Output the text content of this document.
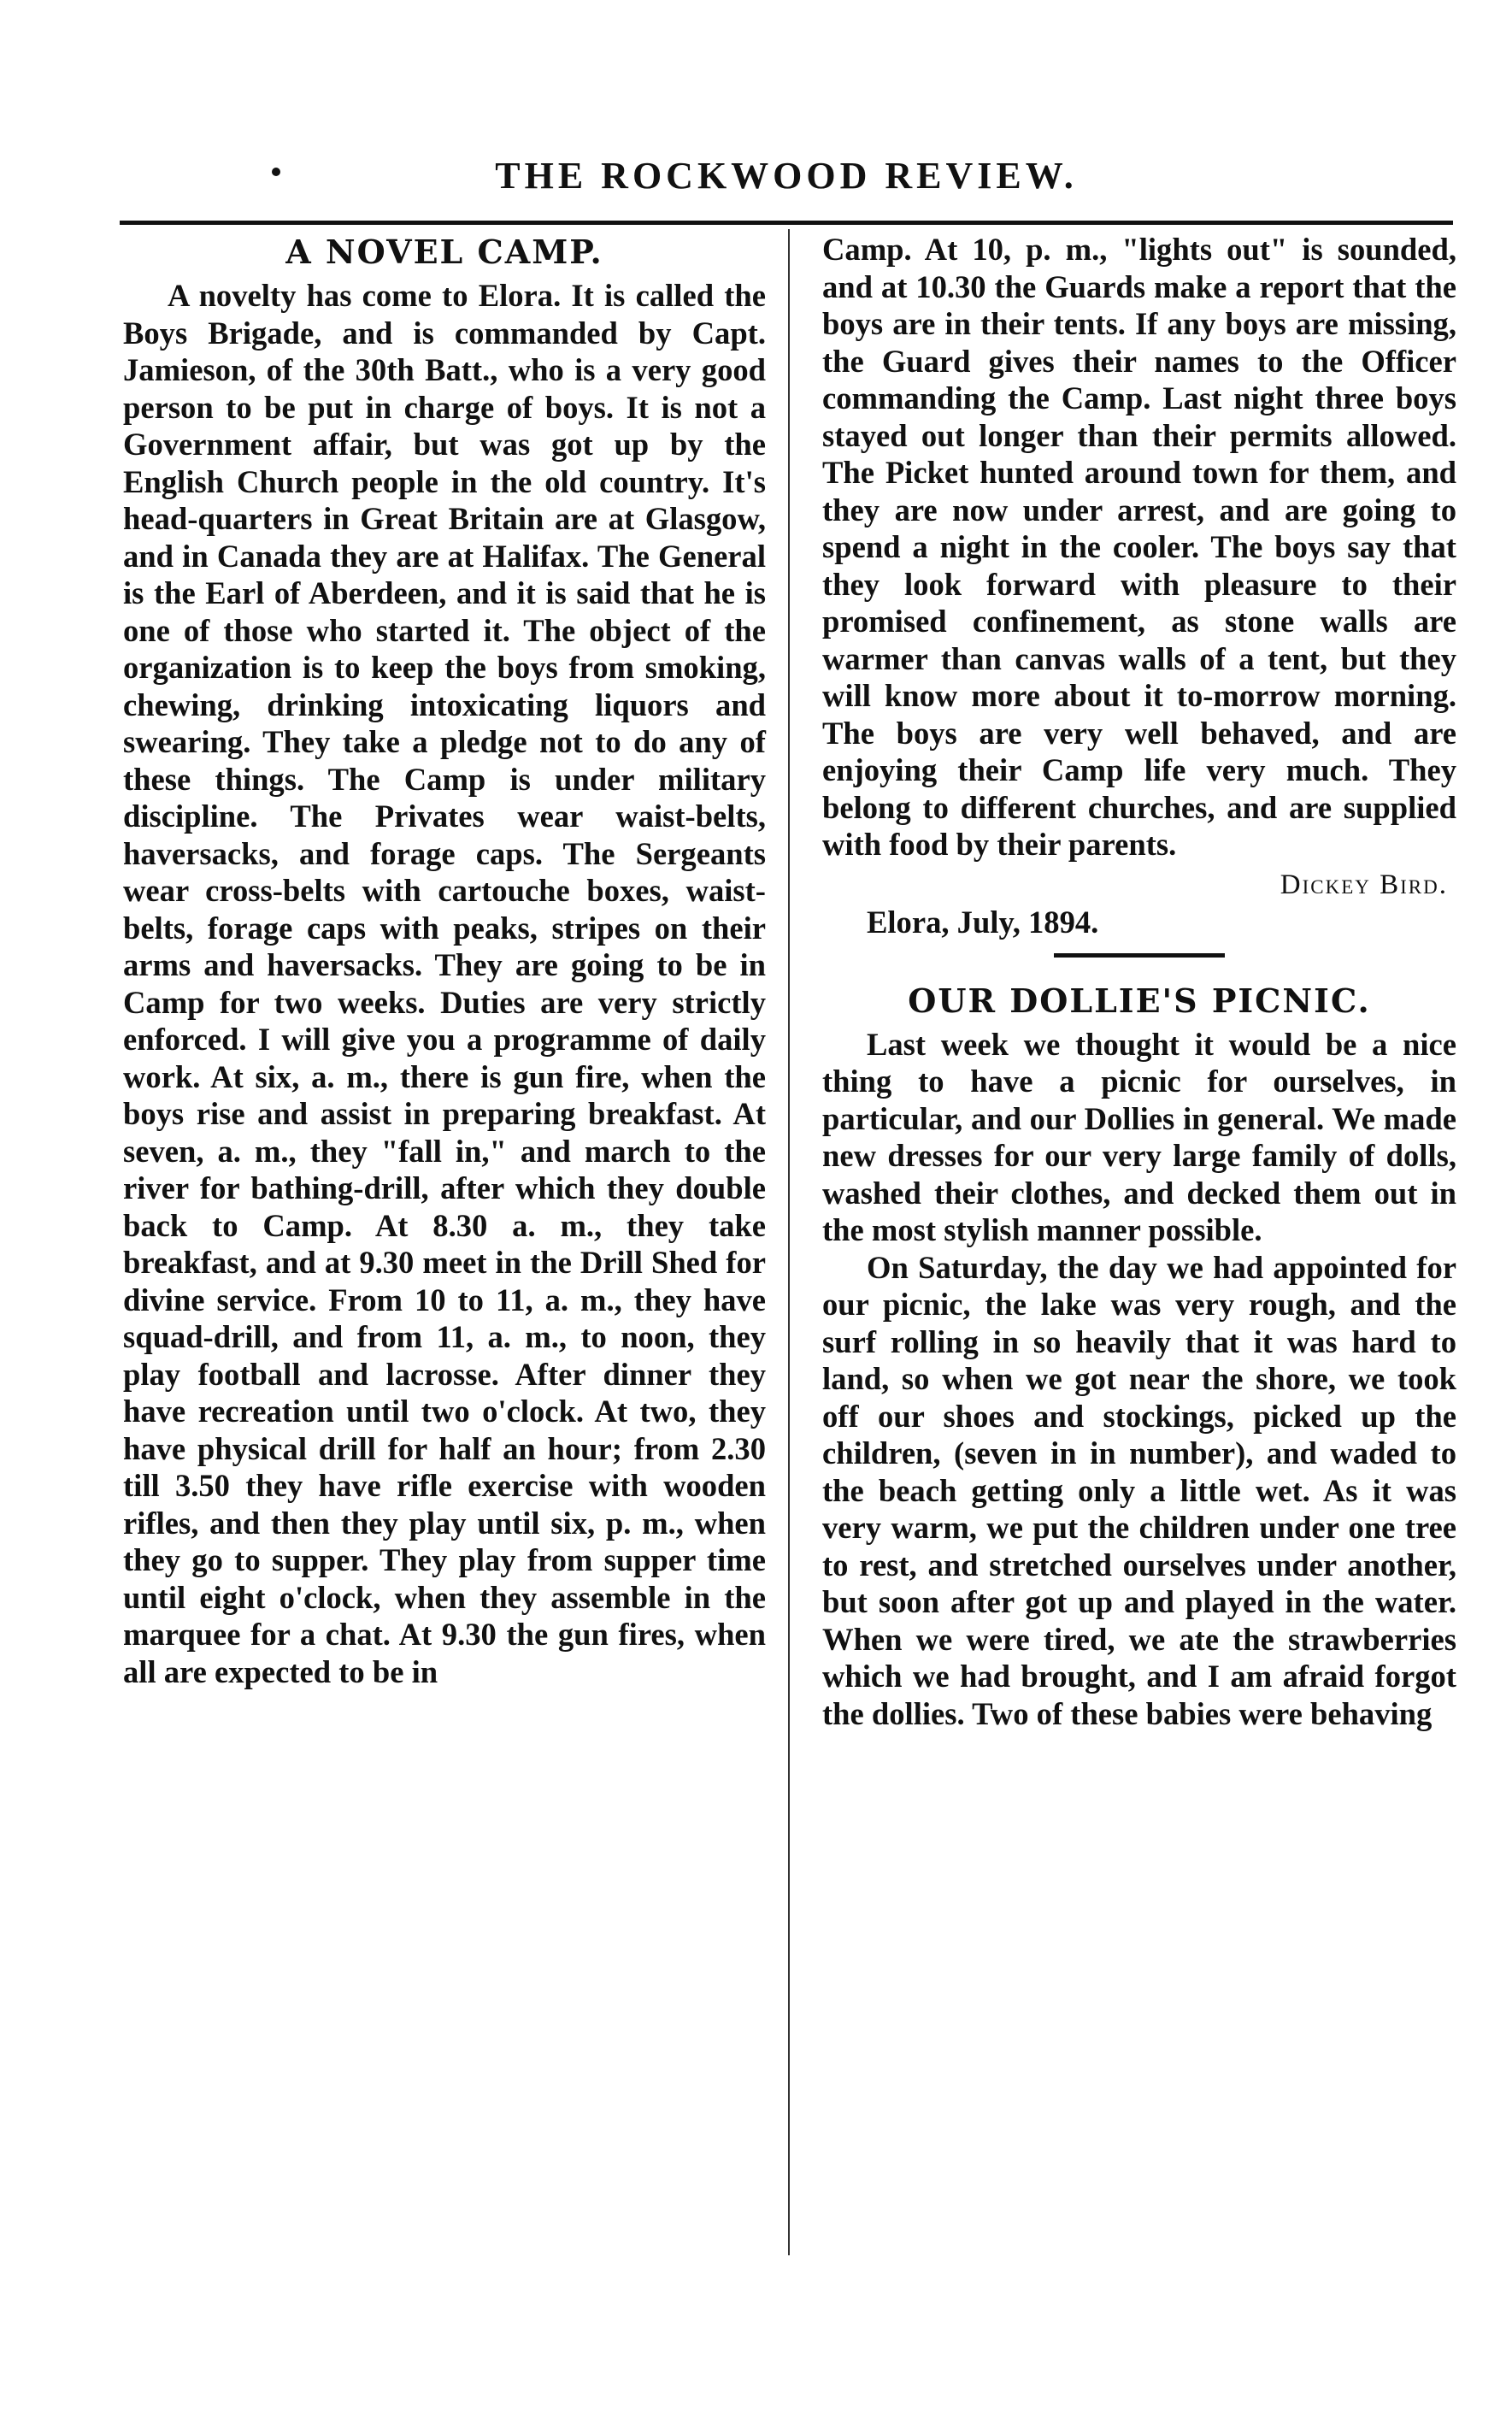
THE ROCKWOOD REVIEW.
A NOVEL CAMP.

A novelty has come to Elora. It is called the Boys Brigade, and is commanded by Capt. Jamieson, of the 30th Batt., who is a very good person to be put in charge of boys. It is not a Government affair, but was got up by the English Church people in the old country. It's head-quarters in Great Britain are at Glasgow, and in Canada they are at Halifax. The General is the Earl of Aberdeen, and it is said that he is one of those who started it. The object of the organization is to keep the boys from smoking, chewing, drinking intoxicating liquors and swearing. They take a pledge not to do any of these things. The Camp is under military discipline. The Privates wear waist-belts, haversacks, and forage caps. The Sergeants wear cross-belts with cartouche boxes, waist-belts, forage caps with peaks, stripes on their arms and haversacks. They are going to be in Camp for two weeks. Duties are very strictly enforced. I will give you a programme of daily work. At six, a. m., there is gun fire, when the boys rise and assist in preparing breakfast. At seven, a. m., they "fall in," and march to the river for bathing-drill, after which they double back to Camp. At 8.30 a. m., they take breakfast, and at 9.30 meet in the Drill Shed for divine service. From 10 to 11, a. m., they have squad-drill, and from 11, a. m., to noon, they play football and lacrosse. After dinner they have recreation until two o'clock. At two, they have physical drill for half an hour; from 2.30 till 3.50 they have rifle exercise with wooden rifles, and then they play until six, p. m., when they go to supper. They play from supper time until eight o'clock, when they assemble in the marquee for a chat. At 9.30 the gun fires, when all are expected to be in

Camp. At 10, p. m., "lights out" is sounded, and at 10.30 the Guards make a report that the boys are in their tents. If any boys are missing, the Guard gives their names to the Officer commanding the Camp. Last night three boys stayed out longer than their permits allowed. The Picket hunted around town for them, and they are now under arrest, and are going to spend a night in the cooler. The boys say that they look forward with pleasure to their promised confinement, as stone walls are warmer than canvas walls of a tent, but they will know more about it to-morrow morning. The boys are very well behaved, and are enjoying their Camp life very much. They belong to different churches, and are supplied with food by their parents.

Dickey Bird.
Elora, July, 1894.
OUR DOLLIE'S PICNIC.

Last week we thought it would be a nice thing to have a picnic for ourselves, in particular, and our Dollies in general. We made new dresses for our very large family of dolls, washed their clothes, and decked them out in the most stylish manner possible.

On Saturday, the day we had appointed for our picnic, the lake was very rough, and the surf rolling in so heavily that it was hard to land, so when we got near the shore, we took off our shoes and stockings, picked up the children, (seven in in number), and waded to the beach getting only a little wet. As it was very warm, we put the children under one tree to rest, and stretched ourselves under another, but soon after got up and played in the water. When we were tired, we ate the strawberries which we had brought, and I am afraid forgot the dollies. Two of these babies were behaving
